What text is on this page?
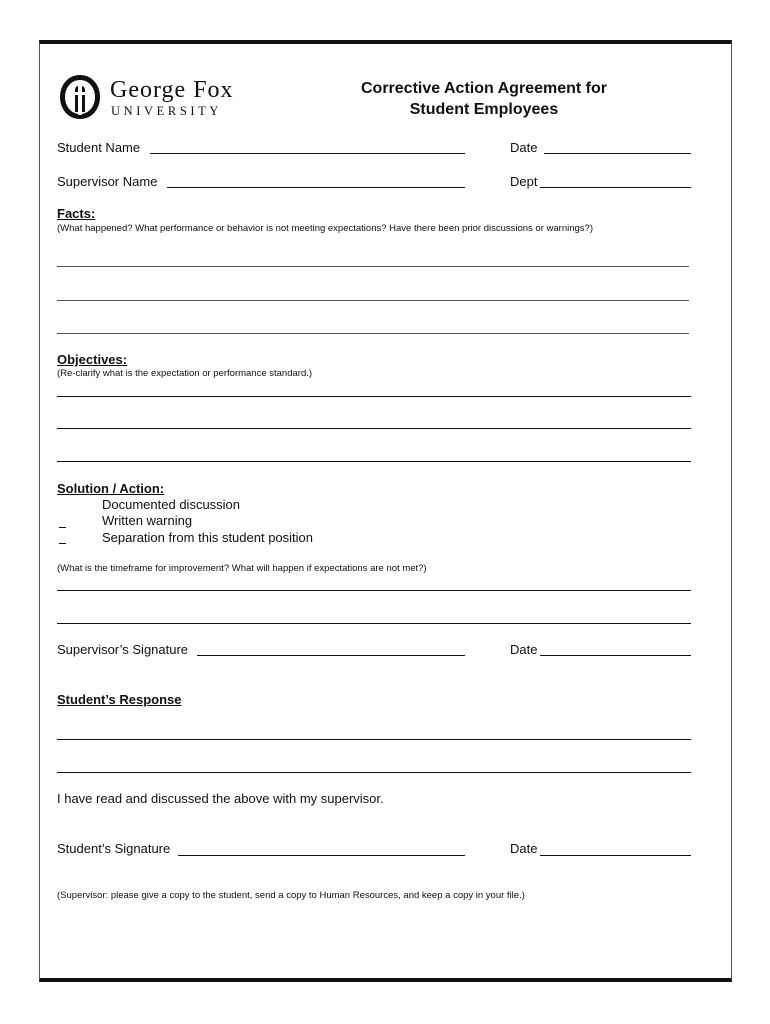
George Fox
UNIVERSITY
Corrective Action Agreement for
Student Employees
Student Name	Date
Supervisor Name	Dept
Facts:
(What happened? What performance or behavior is not meeting expectations? Have there been prior discussions or warnings?)
Objectives:
(Re-clarify what is the expectation or performance standard.)
Solution / Action:
Documented discussion
Written warning
Separation from this student position
(What is the timeframe for improvement? What will happen if expectations are not met?)
Supervisor’s Signature	Date
Student’s Response
I have read and discussed the above with my supervisor.
Student’s Signature	Date
(Supervisor: please give a copy to the student, send a copy to Human Resources, and keep a copy in your file.)
